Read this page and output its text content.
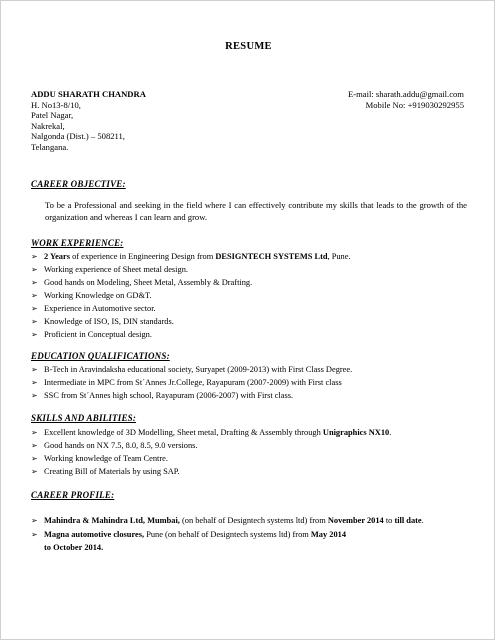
RESUME
ADDU SHARATH CHANDRA
H. No13-8/10,
Patel Nagar,
Nakrekal,
Nalgonda (Dist.) – 508211,
Telangana.
E-mail: sharath.addu@gmail.com
Mobile No: +919030292955
CAREER OBJECTIVE:
To be a Professional and seeking in the field where I can effectively contribute my skills that leads to the growth of the organization and whereas I can learn and grow.
WORK EXPERIENCE:
➢ 2 Years of experience in Engineering Design from DESIGNTECH SYSTEMS Ltd, Pune.
➢ Working experience of Sheet metal design.
➢ Good hands on Modeling, Sheet Metal, Assembly & Drafting.
➢ Working Knowledge on GD&T.
➢ Experience in Automotive sector.
➢ Knowledge of ISO, IS, DIN standards.
➢ Proficient in Conceptual design.
EDUCATION QUALIFICATIONS:
➢ B-Tech in Aravindaksha educational society, Suryapet (2009-2013) with First Class Degree.
➢ Intermediate in MPC from St´Annes Jr.College, Rayapuram (2007-2009) with First class
➢ SSC from St´Annes high school, Rayapuram (2006-2007) with First class.
SKILLS AND ABILITIES:
➢ Excellent knowledge of 3D Modelling, Sheet metal, Drafting & Assembly through Unigraphics NX10.
➢ Good hands on NX 7.5, 8.0, 8.5, 9.0 versions.
➢ Working knowledge of Team Centre.
➢ Creating Bill of Materials by using SAP.
CAREER PROFILE:
➢ Mahindra & Mahindra Ltd, Mumbai, (on behalf of Designtech systems ltd) from November 2014 to till date.
➢ Magna automotive closures, Pune (on behalf of Designtech systems ltd) from May 2014 to October 2014.
